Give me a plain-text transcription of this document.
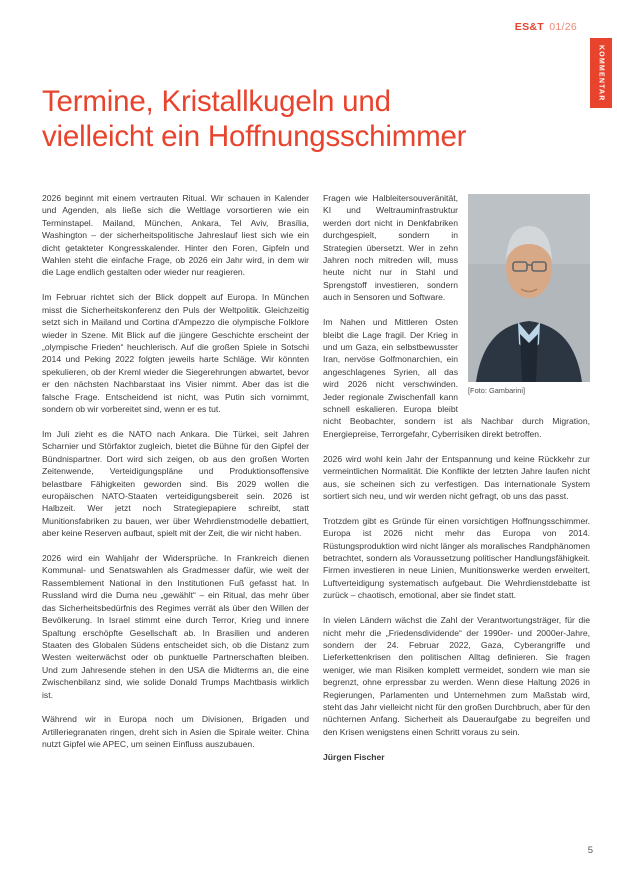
ES&T 01/26
KOMMENTAR
Termine, Kristallkugeln und
vielleicht ein Hoffnungsschimmer

2026 beginnt mit einem vertrauten Ritual. Wir schauen in Kalender und Agenden, als ließe sich die Weltlage vorsortieren wie ein Terminstapel. Mailand, München, Ankara, Tel Aviv, Brasília, Washington – der sicherheitspolitische Jahreslauf liest sich wie ein dicht getakteter Kongresskalender. Hinter den Foren, Gipfeln und Wahlen steht die einfache Frage, ob 2026 ein Jahr wird, in dem wir die Lage endlich gestalten oder wieder nur reagieren.

Im Februar richtet sich der Blick doppelt auf Europa. In München misst die Sicherheitskonferenz den Puls der Weltpolitik. Gleichzeitig setzt sich in Mailand und Cortina d'Ampezzo die olympische Folklore wieder in Szene. Mit Blick auf die jüngere Geschichte erscheint der „olympische Frieden“ heuchlerisch. Auf die großen Spiele in Sotschi 2014 und Peking 2022 folgten jeweils harte Schläge. Wir könnten spekulieren, ob der Kreml wieder die Siegerehrungen abwartet, bevor er den nächsten Nachbarstaat ins Visier nimmt. Aber das ist die falsche Frage. Entscheidend ist nicht, was Putin sich vornimmt, sondern ob wir vorbereitet sind, wenn er es tut.

Im Juli zieht es die NATO nach Ankara. Die Türkei, seit Jahren Scharnier und Störfaktor zugleich, bietet die Bühne für den Gipfel der Bündnispartner. Dort wird sich zeigen, ob aus den großen Worten Zeitenwende, Verteidigungspläne und Produktionsoffensive belastbare Fähigkeiten geworden sind. Bis 2029 wollen die europäischen NATO-Staaten verteidigungsbereit sein. 2026 ist Halbzeit. Wer jetzt noch Strategiepapiere schreibt, statt Munitionsfabriken zu bauen, wer über Wehrdienstmodelle debattiert, aber keine Reserven aufbaut, spielt mit der Zeit, die wir nicht haben.

2026 wird ein Wahljahr der Widersprüche. In Frankreich dienen Kommunal- und Senatswahlen als Gradmesser dafür, wie weit der Rassemblement National in den Institutionen Fuß gefasst hat. In Russland wird die Duma neu „gewählt“ – ein Ritual, das mehr über das Sicherheitsbedürfnis des Regimes verrät als über den Willen der Bevölkerung. In Israel stimmt eine durch Terror, Krieg und innere Spaltung erschöpfte Gesellschaft ab. In Brasilien und anderen Staaten des Globalen Südens entscheidet sich, ob die Distanz zum Westen weiterwächst oder ob punktuelle Partnerschaften bleiben. Und zum Jahresende stehen in den USA die Midterms an, die eine Zwischenbilanz sind, wie solide Donald Trumps Machtbasis wirklich ist.

Während wir in Europa noch um Divisionen, Brigaden und Artilleriegranaten ringen, dreht sich in Asien die Spirale weiter. China nutzt Gipfel wie APEC, um seinen Einfluss auszubauen.

[Foto: Gambarini]

Fragen wie Halbleitersouveränität, KI und Weltrauminfrastruktur werden dort nicht in Denkfabriken durchgespielt, sondern in Strategien übersetzt. Wer in zehn Jahren noch mitreden will, muss heute nicht nur in Stahl und Sprengstoff investieren, sondern auch in Sensoren und Software.

Im Nahen und Mittleren Osten bleibt die Lage fragil. Der Krieg in und um Gaza, ein selbstbewusster Iran, nervöse Golfmonarchien, ein angeschlagenes Syrien, all das wird 2026 nicht verschwinden. Jeder regionale Zwischenfall kann schnell eskalieren. Europa bleibt nicht Beobachter, sondern ist als Nachbar durch Migration, Energiepreise, Terrorgefahr, Cyberrisiken direkt betroffen.

2026 wird wohl kein Jahr der Entspannung und keine Rückkehr zur vermeintlichen Normalität. Die Konflikte der letzten Jahre laufen nicht aus, sie scheinen sich zu verfestigen. Das internationale System sortiert sich neu, und wir werden nicht gefragt, ob uns das passt.

Trotzdem gibt es Gründe für einen vorsichtigen Hoffnungsschimmer. Europa ist 2026 nicht mehr das Europa von 2014. Rüstungsproduktion wird nicht länger als moralisches Randphänomen betrachtet, sondern als Voraussetzung politischer Handlungsfähigkeit. Firmen investieren in neue Linien, Munitionswerke werden erweitert, Luftverteidigung systematisch aufgebaut. Die Wehrdienstdebatte ist zurück – chaotisch, emotional, aber sie findet statt.

In vielen Ländern wächst die Zahl der Verantwortungsträger, für die nicht mehr die „Friedensdividende“ der 1990er- und 2000er-Jahre, sondern der 24. Februar 2022, Gaza, Cyberangriffe und Lieferkettenkrisen den politischen Alltag definieren. Sie fragen weniger, wie man Risiken komplett vermeidet, sondern wie man sie begrenzt, ohne erpressbar zu werden. Wenn diese Haltung 2026 in Regierungen, Parlamenten und Unternehmen zum Maßstab wird, steht das Jahr vielleicht nicht für den großen Durchbruch, aber für den nüchternen Anfang. Sicherheit als Daueraufgabe zu begreifen und den Krisen wenigstens einen Schritt voraus zu sein.

Jürgen Fischer

5
